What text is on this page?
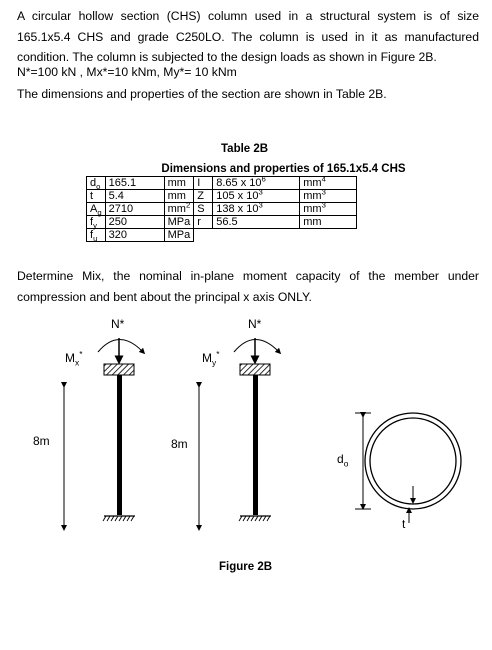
A circular hollow section (CHS) column used in a structural system is of size
165.1x5.4 CHS and grade C250LO. The column is used in it as manufactured
condition. The column is subjected to the design loads as shown in Figure 2B.
N*=100 kN , Mx*=10 kNm, My*= 10 kNm
The dimensions and properties of the section are shown in Table 2B.
Table 2B
Dimensions and properties of 165.1x5.4 CHS
$d_o$	165.1	mm	I	8.65 x $10^6$	$mm^4$
t	5.4	mm	Z	105 x $10^3$	$mm^3$
$A_g$	2710	$mm^2$	S	138 x $10^3$	$mm^3$
$f_y$	250	MPa	r	56.5	mm
$f_u$	320	MPa			
Determine Mix, the nominal in-plane moment capacity of the member under
compression and bent about the principal x axis ONLY.
N*	N*
$M_x^*$	$M_y^*$
8m	8m
$d_o$
t
Figure 2B
